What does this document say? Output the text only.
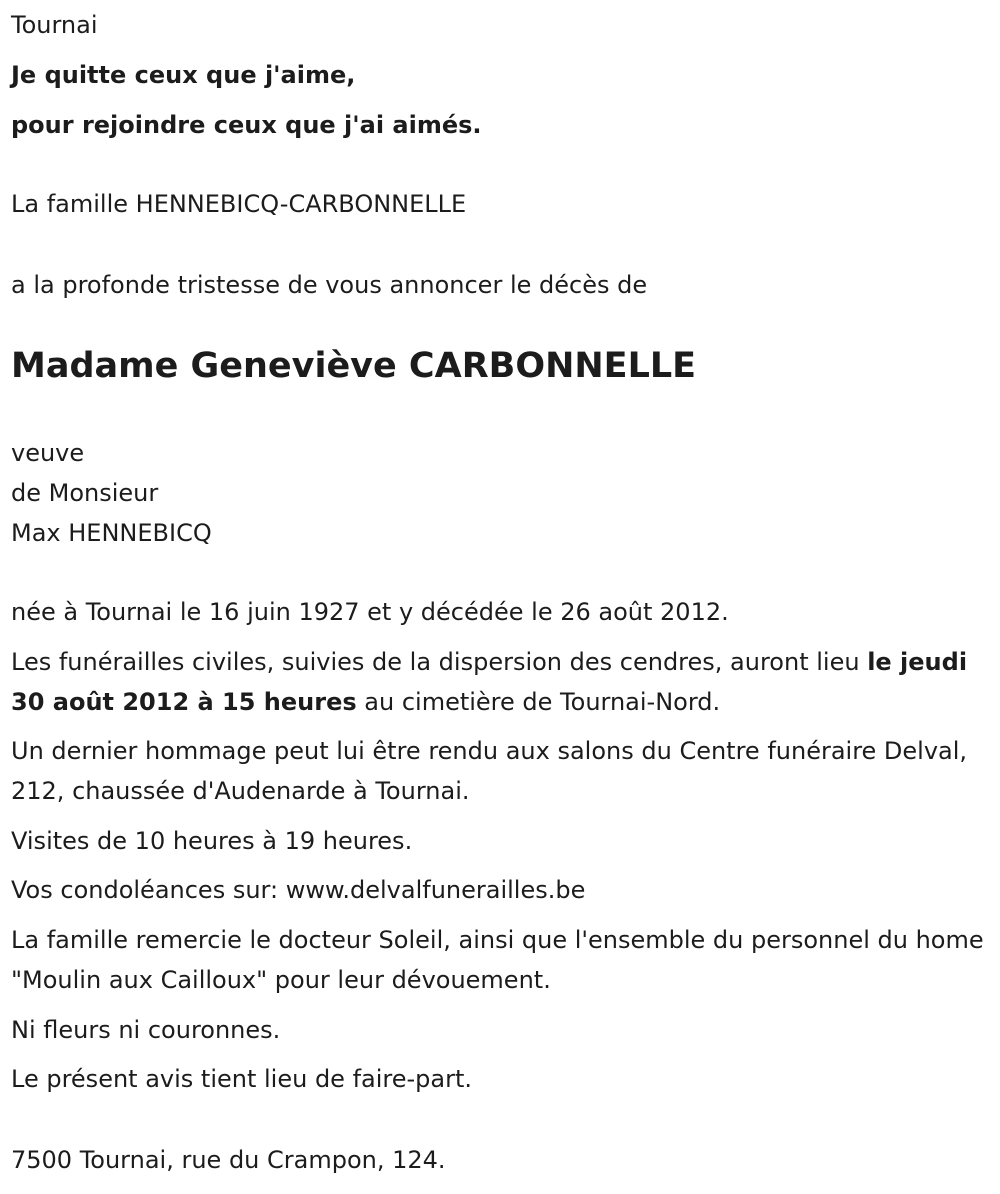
Tournai

Je quitte ceux que j'aime,

pour rejoindre ceux que j'ai aimés.

La famille HENNEBICQ-CARBONNELLE

a la profonde tristesse de vous annoncer le décès de

Madame Geneviève CARBONNELLE

veuve

de Monsieur

Max HENNEBICQ

née à Tournai le 16 juin 1927 et y décédée le 26 août 2012.

Les funérailles civiles, suivies de la dispersion des cendres, auront lieu le jeudi 30 août 2012 à 15 heures au cimetière de Tournai-Nord.

Un dernier hommage peut lui être rendu aux salons du Centre funéraire Delval, 212, chaussée d'Audenarde à Tournai.

Visites de 10 heures à 19 heures.

Vos condoléances sur: www.delvalfunerailles.be

La famille remercie le docteur Soleil, ainsi que l'ensemble du personnel du home "Moulin aux Cailloux" pour leur dévouement.

Ni fleurs ni couronnes.

Le présent avis tient lieu de faire-part.

7500 Tournai, rue du Crampon, 124.
